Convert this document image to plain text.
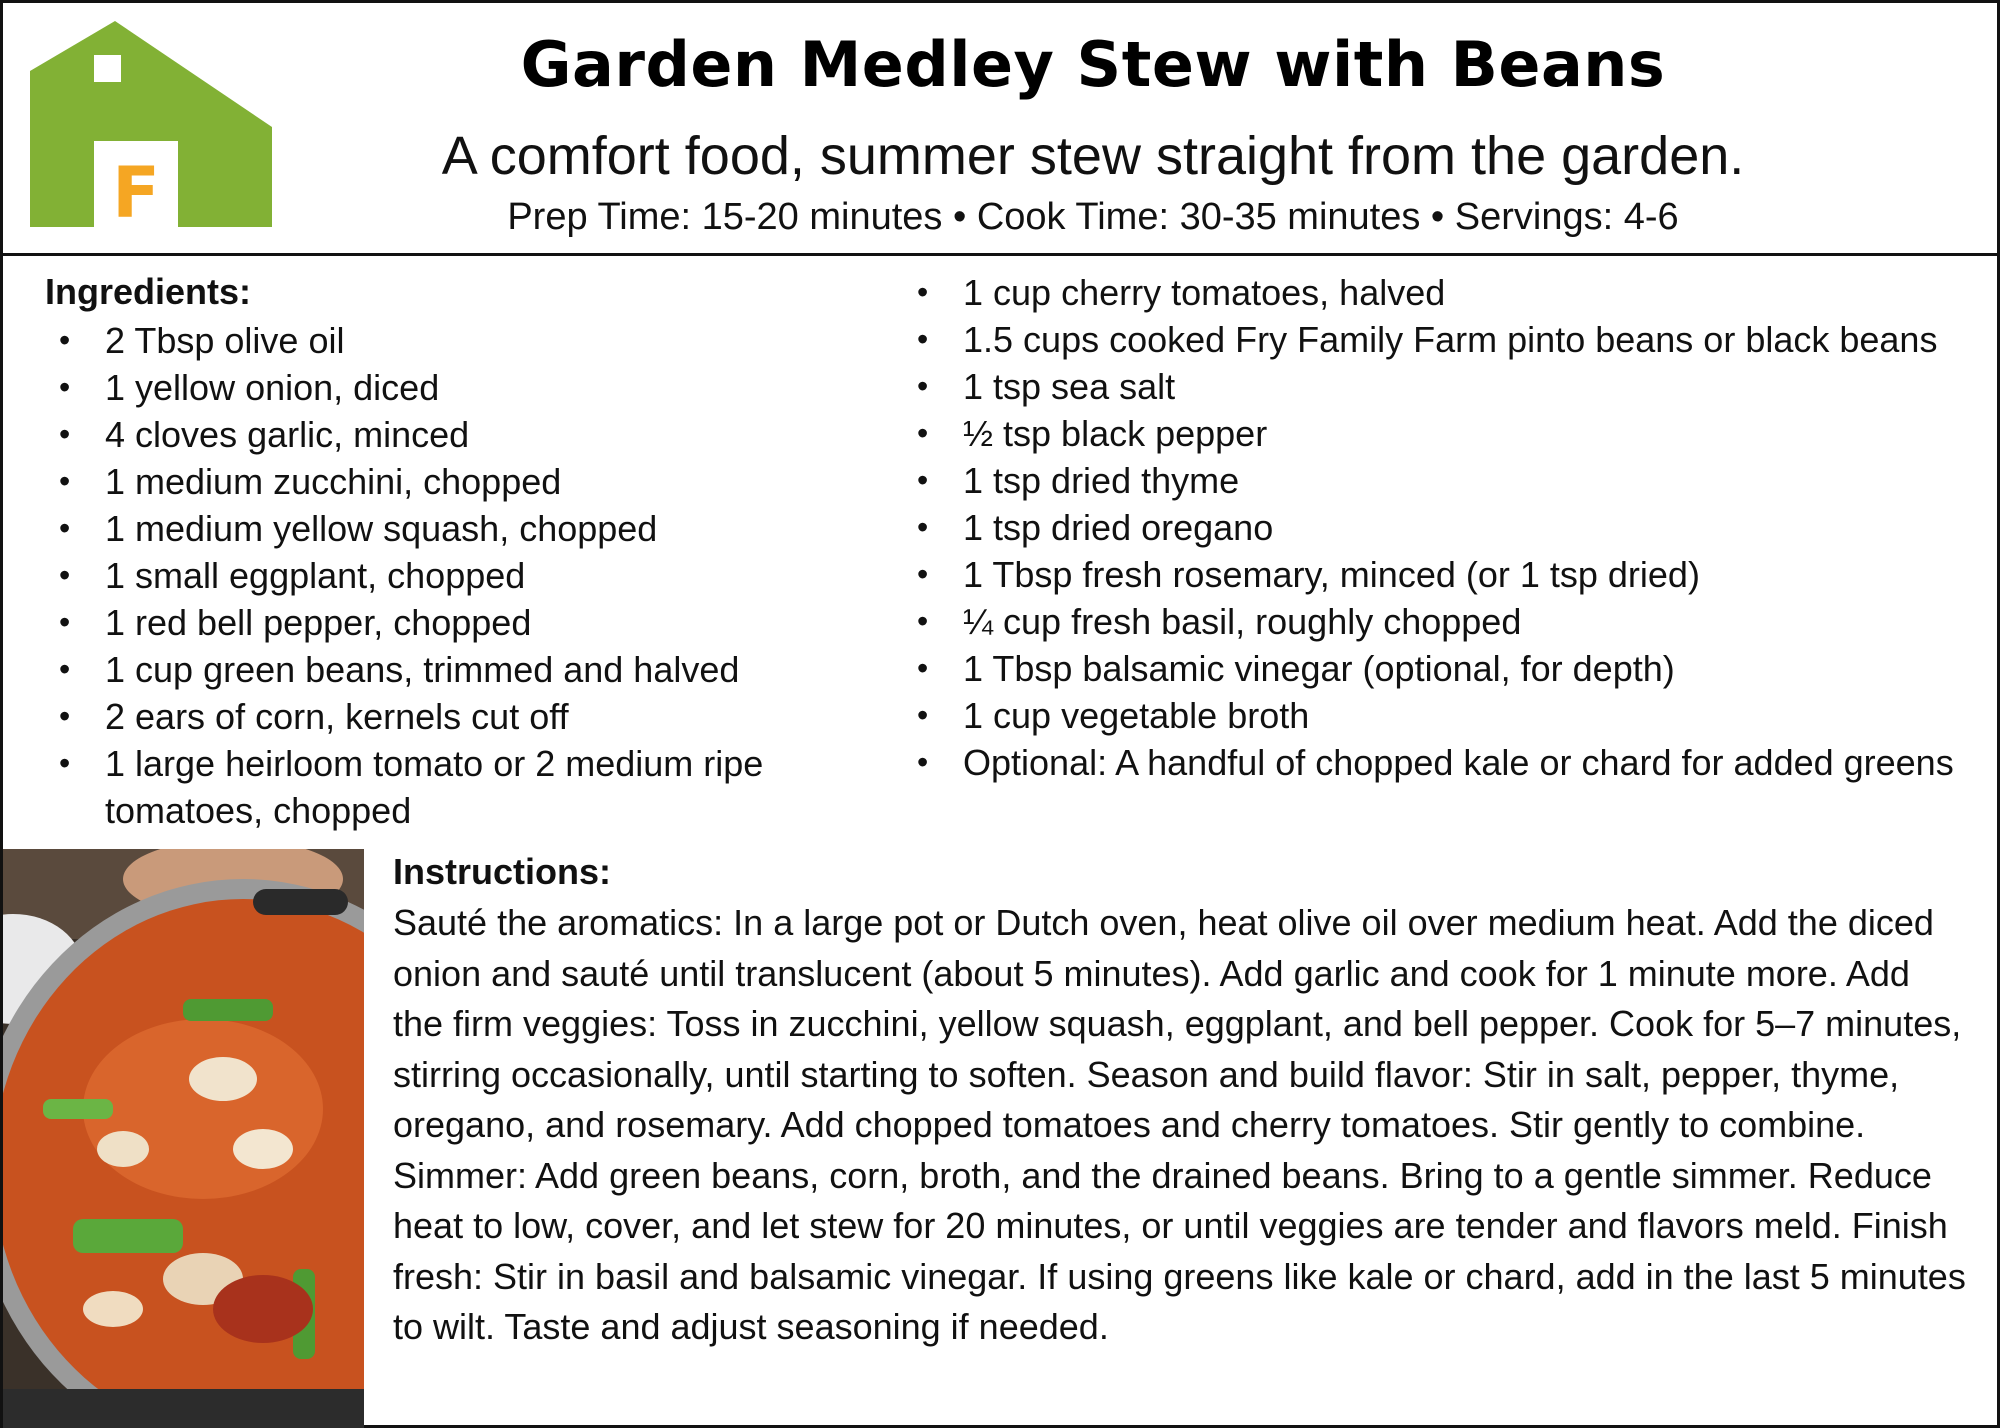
F
Garden Medley Stew with Beans
A comfort food, summer stew straight from the garden.
Prep Time: 15-20 minutes • Cook Time: 30-35 minutes • Servings: 4-6
Ingredients:
• 2 Tbsp olive oil
• 1 yellow onion, diced
• 4 cloves garlic, minced
• 1 medium zucchini, chopped
• 1 medium yellow squash, chopped
• 1 small eggplant, chopped
• 1 red bell pepper, chopped
• 1 cup green beans, trimmed and halved
• 2 ears of corn, kernels cut off
• 1 large heirloom tomato or 2 medium ripe tomatoes, chopped
• 1 cup cherry tomatoes, halved
• 1.5 cups cooked Fry Family Farm pinto beans or black beans
• 1 tsp sea salt
• ½ tsp black pepper
• 1 tsp dried thyme
• 1 tsp dried oregano
• 1 Tbsp fresh rosemary, minced (or 1 tsp dried)
• ¼ cup fresh basil, roughly chopped
• 1 Tbsp balsamic vinegar (optional, for depth)
• 1 cup vegetable broth
• Optional: A handful of chopped kale or chard for added greens
Instructions:
Sauté the aromatics: In a large pot or Dutch oven, heat olive oil over medium heat. Add the diced onion and sauté until translucent (about 5 minutes). Add garlic and cook for 1 minute more. Add the firm veggies: Toss in zucchini, yellow squash, eggplant, and bell pepper. Cook for 5–7 minutes, stirring occasionally, until starting to soften. Season and build flavor: Stir in salt, pepper, thyme, oregano, and rosemary. Add chopped tomatoes and cherry tomatoes. Stir gently to combine. Simmer: Add green beans, corn, broth, and the drained beans. Bring to a gentle simmer. Reduce heat to low, cover, and let stew for 20 minutes, or until veggies are tender and flavors meld. Finish fresh: Stir in basil and balsamic vinegar. If using greens like kale or chard, add in the last 5 minutes to wilt. Taste and adjust seasoning if needed.
